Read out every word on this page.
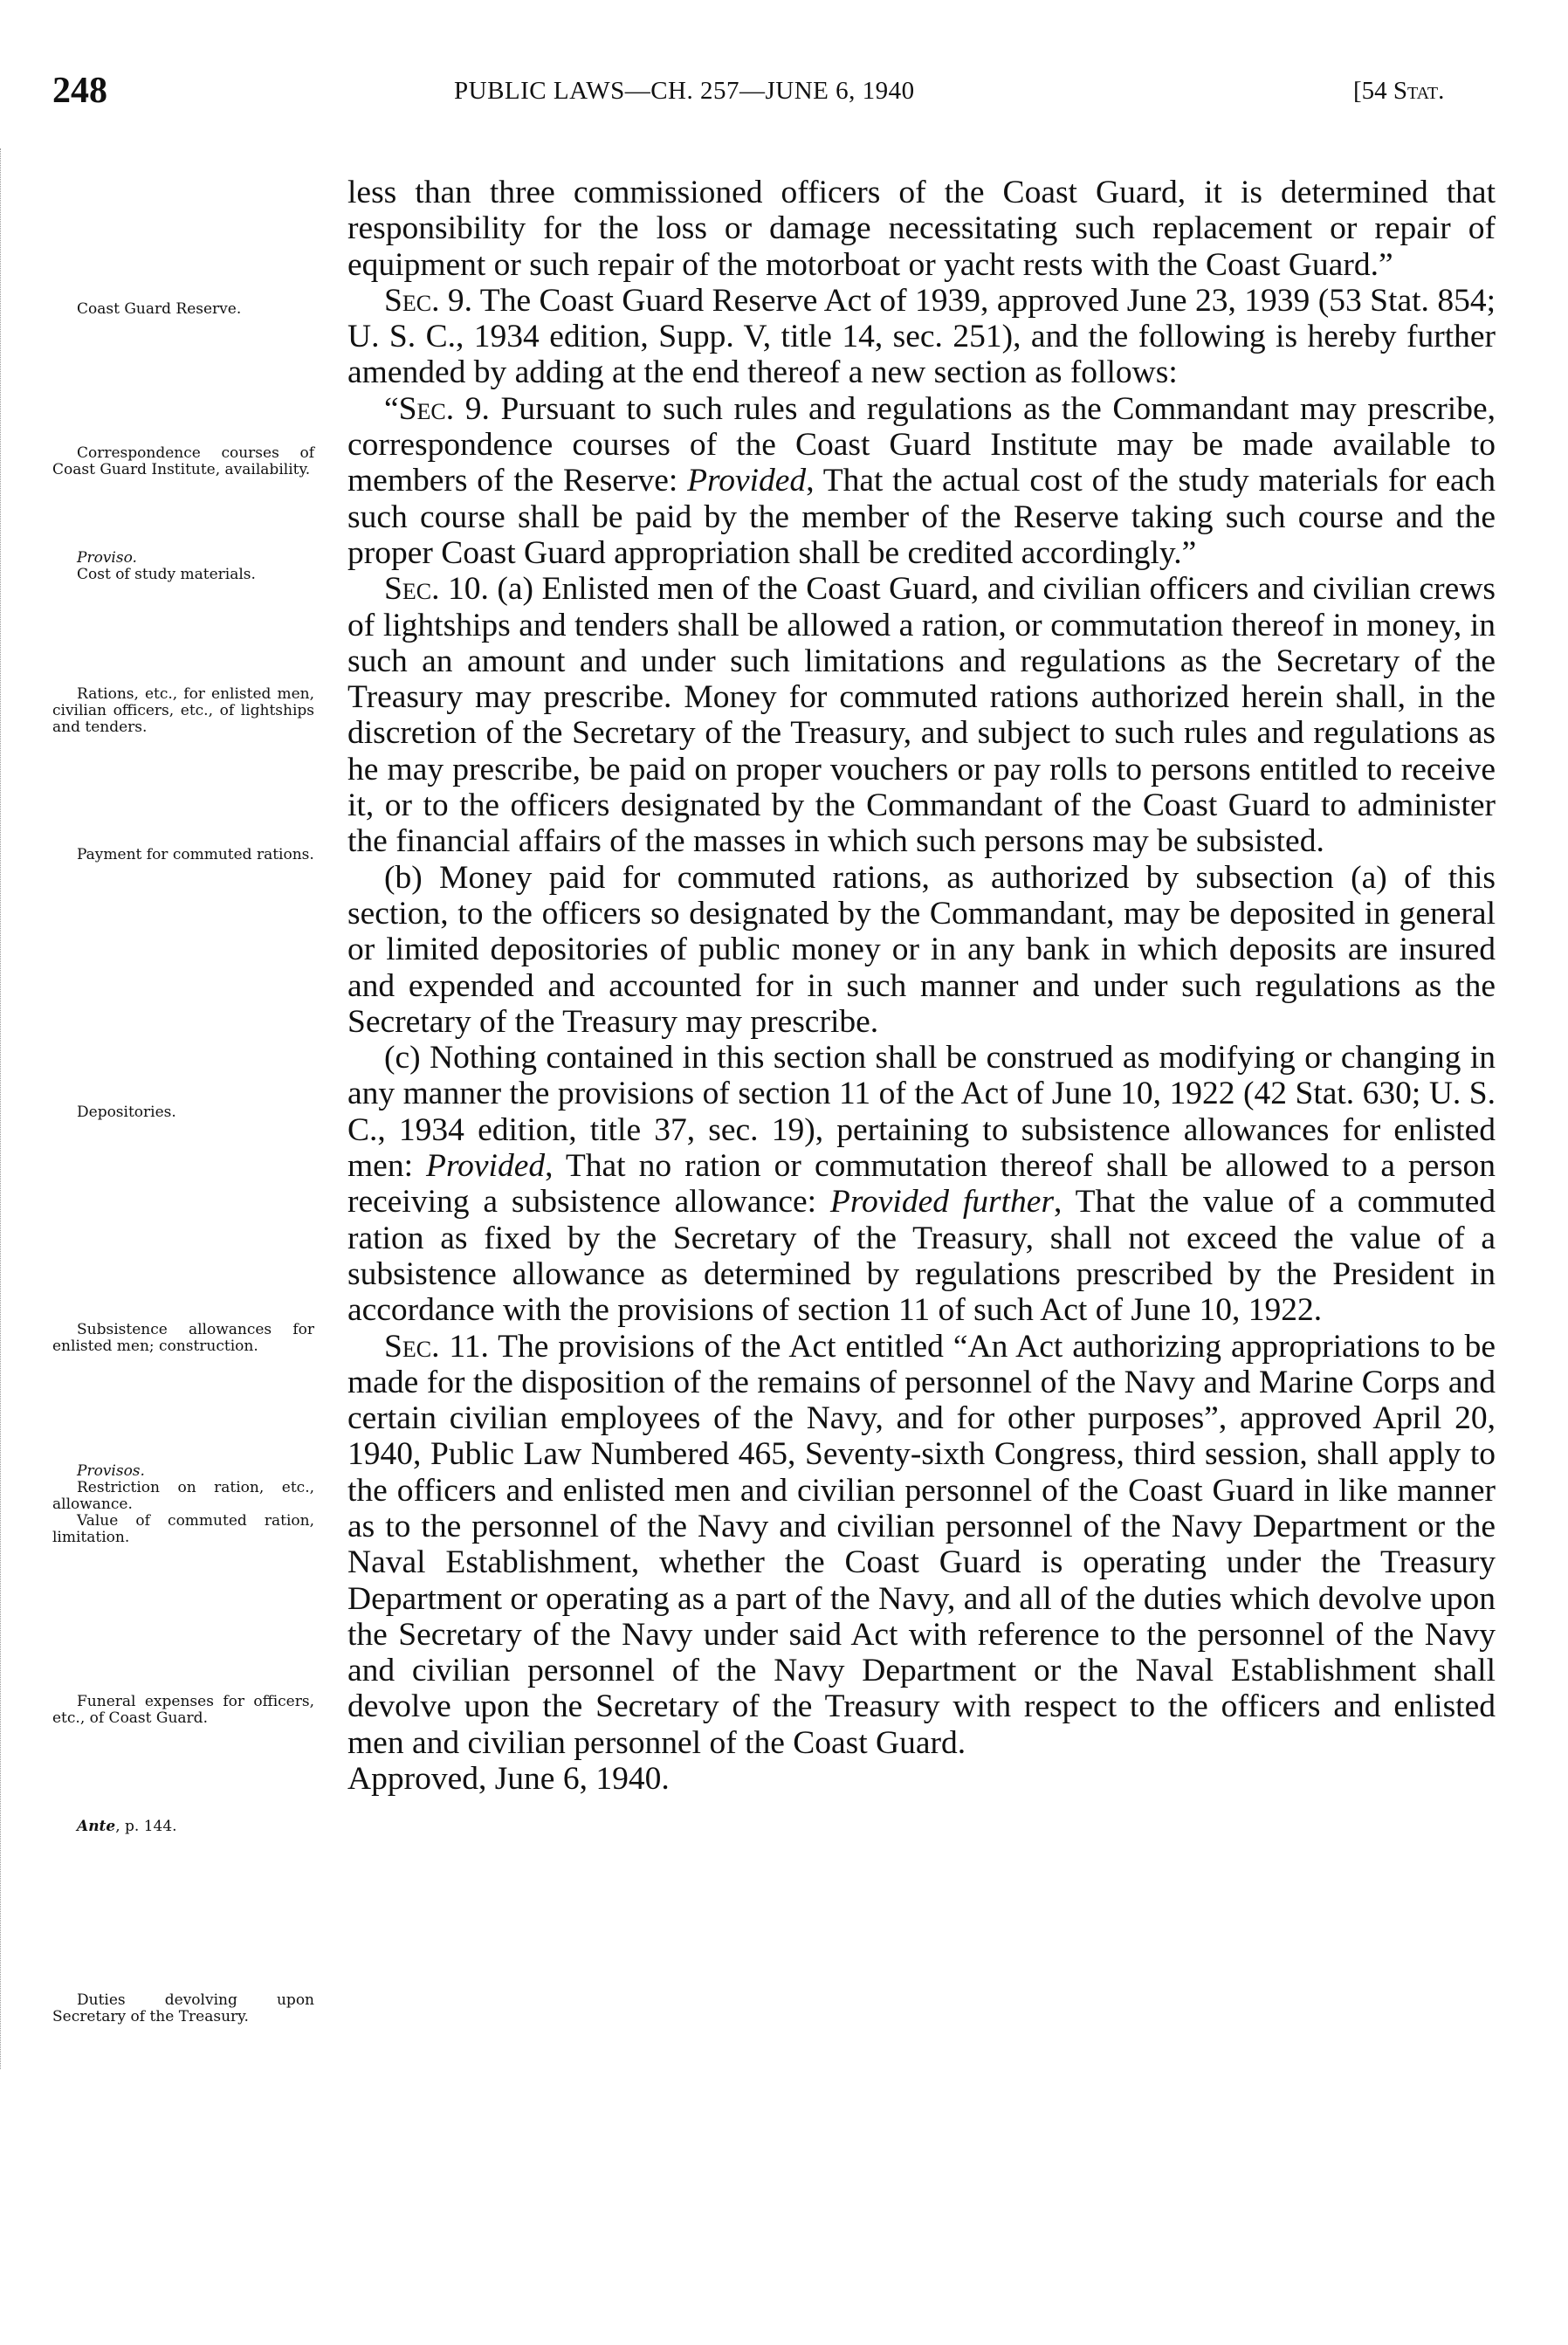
248	PUBLIC LAWS—CH. 257—JUNE 6, 1940	[54 Stat.
Coast Guard Reserve.
Correspondence courses of Coast Guard Institute, availability.
Proviso.
Cost of study materials.
Rations, etc., for enlisted men, civilian officers, etc., of lightships and tenders.
Payment for commuted rations.
Depositories.
Subsistence allowances for enlisted men; construction.
Provisos.
Restriction on ration, etc., allowance.
Value of commuted ration, limitation.
Funeral expenses for officers, etc., of Coast Guard.
Ante, p. 144.
Duties devolving upon Secretary of the Treasury.

less than three commissioned officers of the Coast Guard, it is determined that responsibility for the loss or damage necessitating such replacement or repair of equipment or such repair of the motorboat or yacht rests with the Coast Guard.”

Sec. 9. The Coast Guard Reserve Act of 1939, approved June 23, 1939 (53 Stat. 854; U. S. C., 1934 edition, Supp. V, title 14, sec. 251), and the following is hereby further amended by adding at the end thereof a new section as follows:

“Sec. 9. Pursuant to such rules and regulations as the Commandant may prescribe, correspondence courses of the Coast Guard Institute may be made available to members of the Reserve: Provided, That the actual cost of the study materials for each such course shall be paid by the member of the Reserve taking such course and the proper Coast Guard appropriation shall be credited accordingly.”

Sec. 10. (a) Enlisted men of the Coast Guard, and civilian officers and civilian crews of lightships and tenders shall be allowed a ration, or commutation thereof in money, in such an amount and under such limitations and regulations as the Secretary of the Treasury may prescribe. Money for commuted rations authorized herein shall, in the discretion of the Secretary of the Treasury, and subject to such rules and regulations as he may prescribe, be paid on proper vouchers or pay rolls to persons entitled to receive it, or to the officers designated by the Commandant of the Coast Guard to administer the financial affairs of the masses in which such persons may be subsisted.

(b) Money paid for commuted rations, as authorized by subsection (a) of this section, to the officers so designated by the Commandant, may be deposited in general or limited depositories of public money or in any bank in which deposits are insured and expended and accounted for in such manner and under such regulations as the Secretary of the Treasury may prescribe.

(c) Nothing contained in this section shall be construed as modifying or changing in any manner the provisions of section 11 of the Act of June 10, 1922 (42 Stat. 630; U. S. C., 1934 edition, title 37, sec. 19), pertaining to subsistence allowances for enlisted men: Provided, That no ration or commutation thereof shall be allowed to a person receiving a subsistence allowance: Provided further, That the value of a commuted ration as fixed by the Secretary of the Treasury, shall not exceed the value of a subsistence allowance as determined by regulations prescribed by the President in accordance with the provisions of section 11 of such Act of June 10, 1922.

Sec. 11. The provisions of the Act entitled “An Act authorizing appropriations to be made for the disposition of the remains of personnel of the Navy and Marine Corps and certain civilian employees of the Navy, and for other purposes”, approved April 20, 1940, Public Law Numbered 465, Seventy-sixth Congress, third session, shall apply to the officers and enlisted men and civilian personnel of the Coast Guard in like manner as to the personnel of the Navy and civilian personnel of the Navy Department or the Naval Establishment, whether the Coast Guard is operating under the Treasury Department or operating as a part of the Navy, and all of the duties which devolve upon the Secretary of the Navy under said Act with reference to the personnel of the Navy and civilian personnel of the Navy Department or the Naval Establishment shall devolve upon the Secretary of the Treasury with respect to the officers and enlisted men and civilian personnel of the Coast Guard.

Approved, June 6, 1940.
